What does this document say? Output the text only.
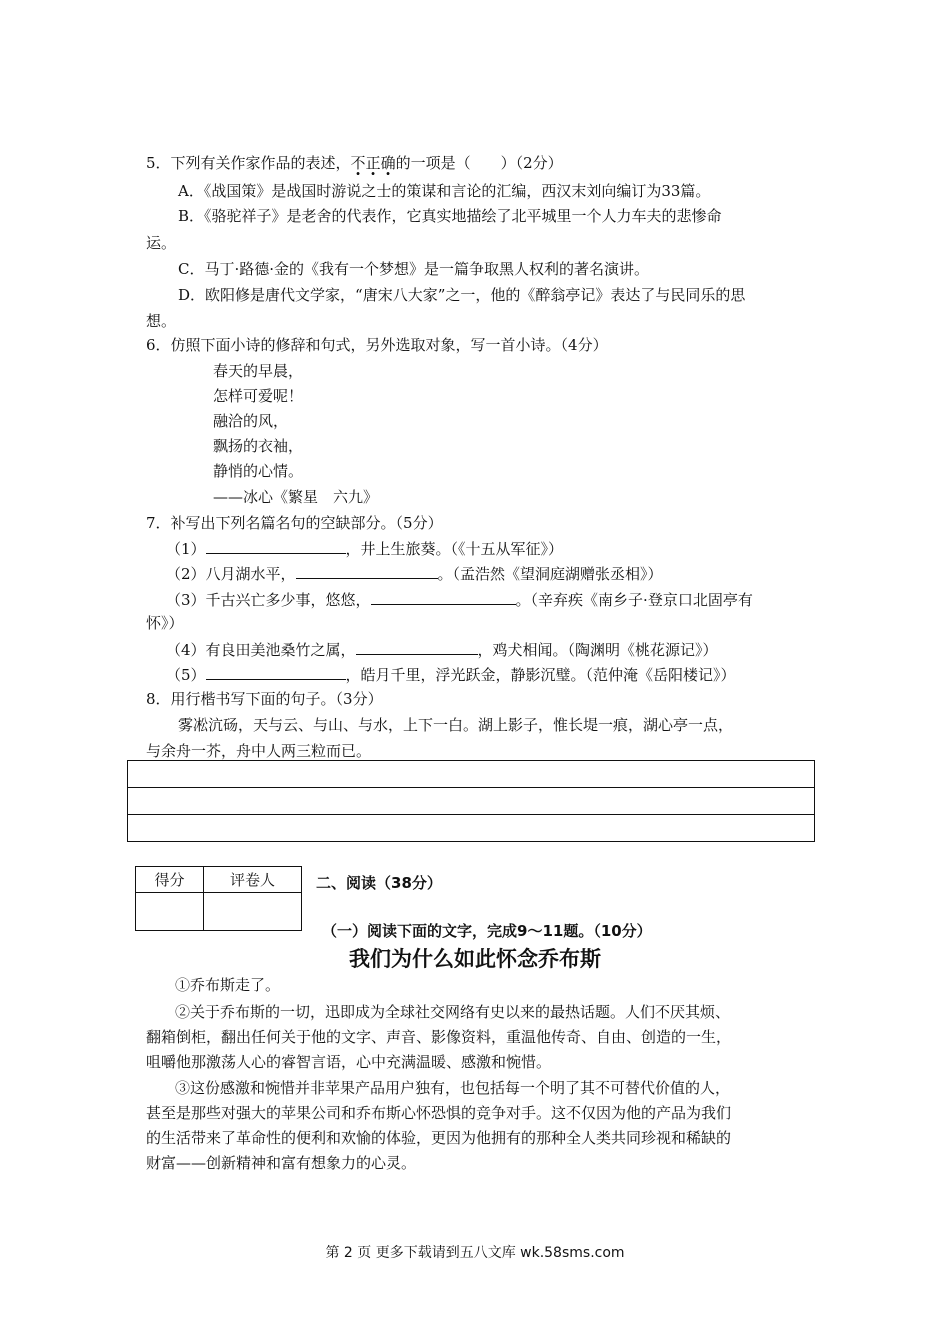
5．下列有关作家作品的表述，不正确的一项是（　　）（2分）
A．《战国策》是战国时游说之士的策谋和言论的汇编，西汉末刘向编订为33篇。
B．《骆驼祥子》是老舍的代表作，它真实地描绘了北平城里一个人力车夫的悲惨命
运。
C．马丁·路德·金的《我有一个梦想》是一篇争取黑人权利的著名演讲。
D．欧阳修是唐代文学家，“唐宋八大家”之一，他的《醉翁亭记》表达了与民同乐的思
想。
6．仿照下面小诗的修辞和句式，另外选取对象，写一首小诗。（4分）
春天的早晨，
怎样可爱呢！
融洽的风，
飘扬的衣袖，
静悄的心情。
——冰心《繁星　六九》
7．补写出下列名篇名句的空缺部分。（5分）
（1）	，井上生旅葵。（《十五从军征》）
（2）八月湖水平，	。（孟浩然《望洞庭湖赠张丞相》）
（3）千古兴亡多少事，悠悠，	。（辛弃疾《南乡子·登京口北固亭有
怀》）
（4）有良田美池桑竹之属，	，鸡犬相闻。（陶渊明《桃花源记》）
（5）	，皓月千里，浮光跃金，静影沉璧。（范仲淹《岳阳楼记》）
8．用行楷书写下面的句子。（3分）
雾凇沆砀，天与云、与山、与水，上下一白。湖上影子，惟长堤一痕，湖心亭一点，
与余舟一芥，舟中人两三粒而已。
得分	评卷人
		二、阅读（38分）
（一）阅读下面的文字，完成9～11题。（10分）
我们为什么如此怀念乔布斯
①乔布斯走了。
②关于乔布斯的一切，迅即成为全球社交网络有史以来的最热话题。人们不厌其烦、
翻箱倒柜，翻出任何关于他的文字、声音、影像资料，重温他传奇、自由、创造的一生，
咀嚼他那激荡人心的睿智言语，心中充满温暖、感激和惋惜。
③这份感激和惋惜并非苹果产品用户独有，也包括每一个明了其不可替代价值的人，
甚至是那些对强大的苹果公司和乔布斯心怀恐惧的竞争对手。这不仅因为他的产品为我们
的生活带来了革命性的便利和欢愉的体验，更因为他拥有的那种全人类共同珍视和稀缺的
财富——创新精神和富有想象力的心灵。
第 2 页 更多下载请到五八文库 wk.58sms.com
